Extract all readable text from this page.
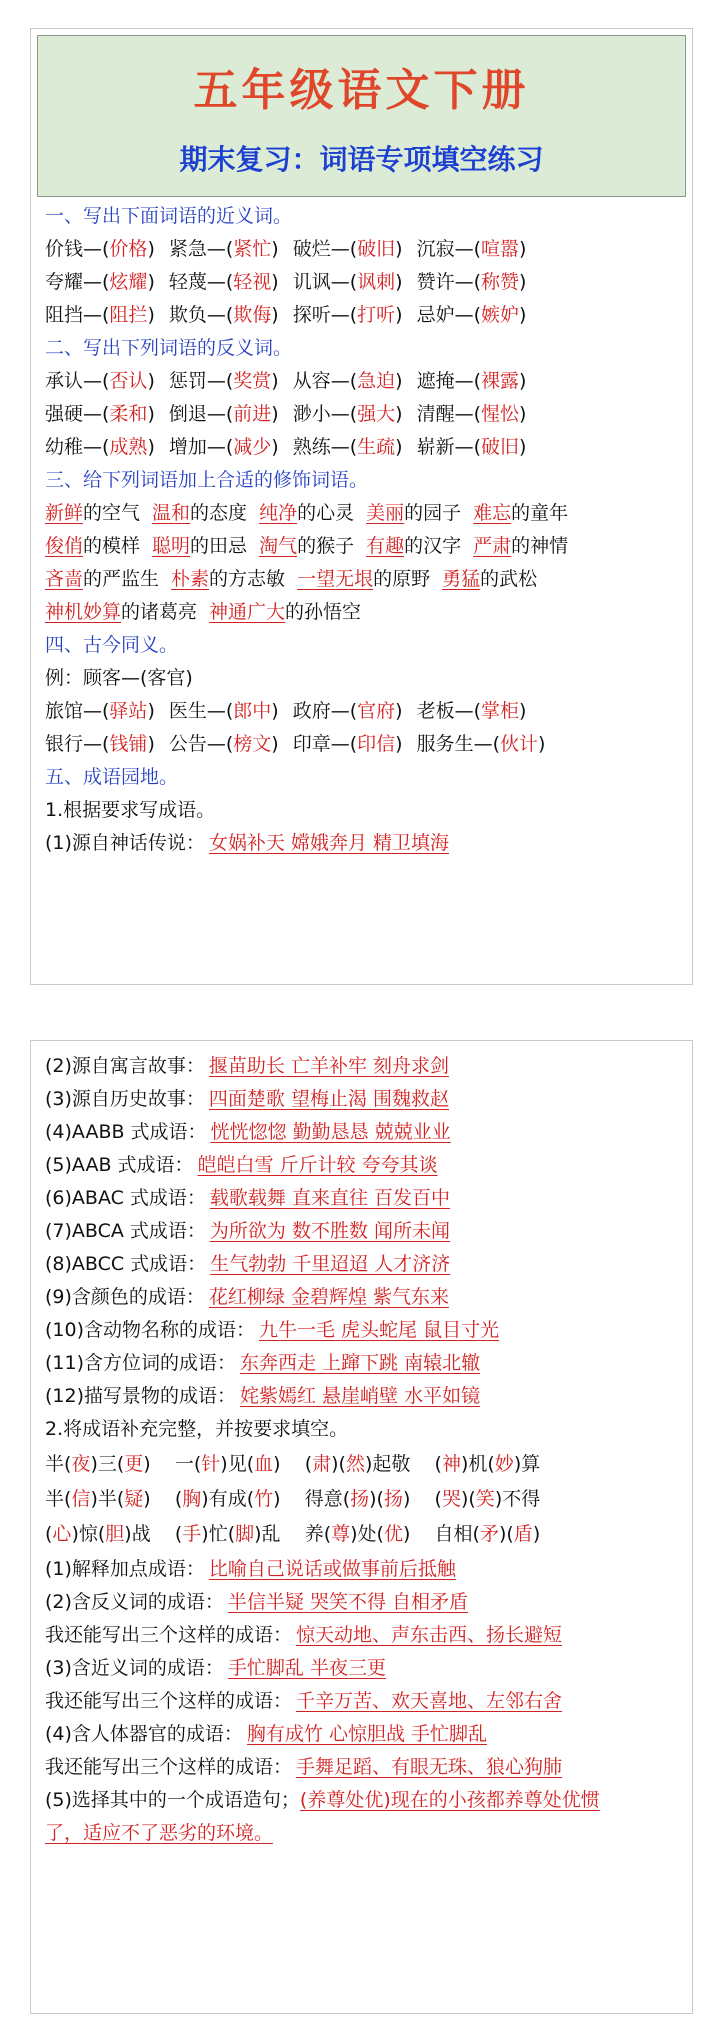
五年级语文下册
期末复习：词语专项填空练习
一、写出下面词语的近义词。
价钱—(价格) 紧急—(紧忙) 破烂—(破旧) 沉寂—(喧嚣)
夸耀—(炫耀) 轻蔑—(轻视) 讥讽—(讽刺) 赞许—(称赞)
阻挡—(阻拦) 欺负—(欺侮) 探听—(打听) 忌妒—(嫉妒)
二、写出下列词语的反义词。
承认—(否认) 惩罚—(奖赏) 从容—(急迫) 遮掩—(裸露)
强硬—(柔和) 倒退—(前进) 渺小—(强大) 清醒—(惺忪)
幼稚—(成熟) 增加—(减少) 熟练—(生疏) 崭新—(破旧)
三、给下列词语加上合适的修饰词语。
新鲜的空气 温和的态度 纯净的心灵 美丽的园子 难忘的童年
俊俏的模样 聪明的田忌 淘气的猴子 有趣的汉字 严肃的神情
吝啬的严监生 朴素的方志敏 一望无垠的原野 勇猛的武松
神机妙算的诸葛亮 神通广大的孙悟空
四、古今同义。
例：顾客—(客官)
旅馆—(驿站) 医生—(郎中) 政府—(官府) 老板—(掌柜)
银行—(钱铺) 公告—(榜文) 印章—(印信) 服务生—(伙计)
五、成语园地。
1.根据要求写成语。
(1)源自神话传说： 女娲补天 嫦娥奔月 精卫填海
(2)源自寓言故事： 揠苗助长 亡羊补牢 刻舟求剑
(3)源自历史故事： 四面楚歌 望梅止渴 围魏救赵
(4)AABB 式成语： 恍恍惚惚 勤勤恳恳 兢兢业业
(5)AAB 式成语： 皑皑白雪 斤斤计较 夸夸其谈
(6)ABAC 式成语： 载歌载舞 直来直往 百发百中
(7)ABCA 式成语： 为所欲为 数不胜数 闻所未闻
(8)ABCC 式成语： 生气勃勃 千里迢迢 人才济济
(9)含颜色的成语： 花红柳绿 金碧辉煌 紫气东来
(10)含动物名称的成语： 九牛一毛 虎头蛇尾 鼠目寸光
(11)含方位词的成语： 东奔西走 上蹿下跳 南辕北辙
(12)描写景物的成语： 姹紫嫣红 悬崖峭壁 水平如镜
2.将成语补充完整，并按要求填空。
半(夜)三(更)    一(针)见(血)    (肃)(然)起敬    (神)机(妙)算
半(信)半(疑)    (胸)有成(竹)    得意(扬)(扬)    (哭)(笑)不得
(心)惊(胆)战    (手)忙(脚)乱    养(尊)处(优)    自相(矛)(盾)
(1)解释加点成语： 比喻自己说话或做事前后抵触
(2)含反义词的成语： 半信半疑 哭笑不得 自相矛盾
我还能写出三个这样的成语： 惊天动地、声东击西、扬长避短
(3)含近义词的成语： 手忙脚乱 半夜三更
我还能写出三个这样的成语： 千辛万苦、欢天喜地、左邻右舍
(4)含人体器官的成语： 胸有成竹 心惊胆战 手忙脚乱
我还能写出三个这样的成语： 手舞足蹈、有眼无珠、狼心狗肺
(5)选择其中的一个成语造句；(养尊处优)现在的小孩都养尊处优惯
了，适应不了恶劣的环境。
